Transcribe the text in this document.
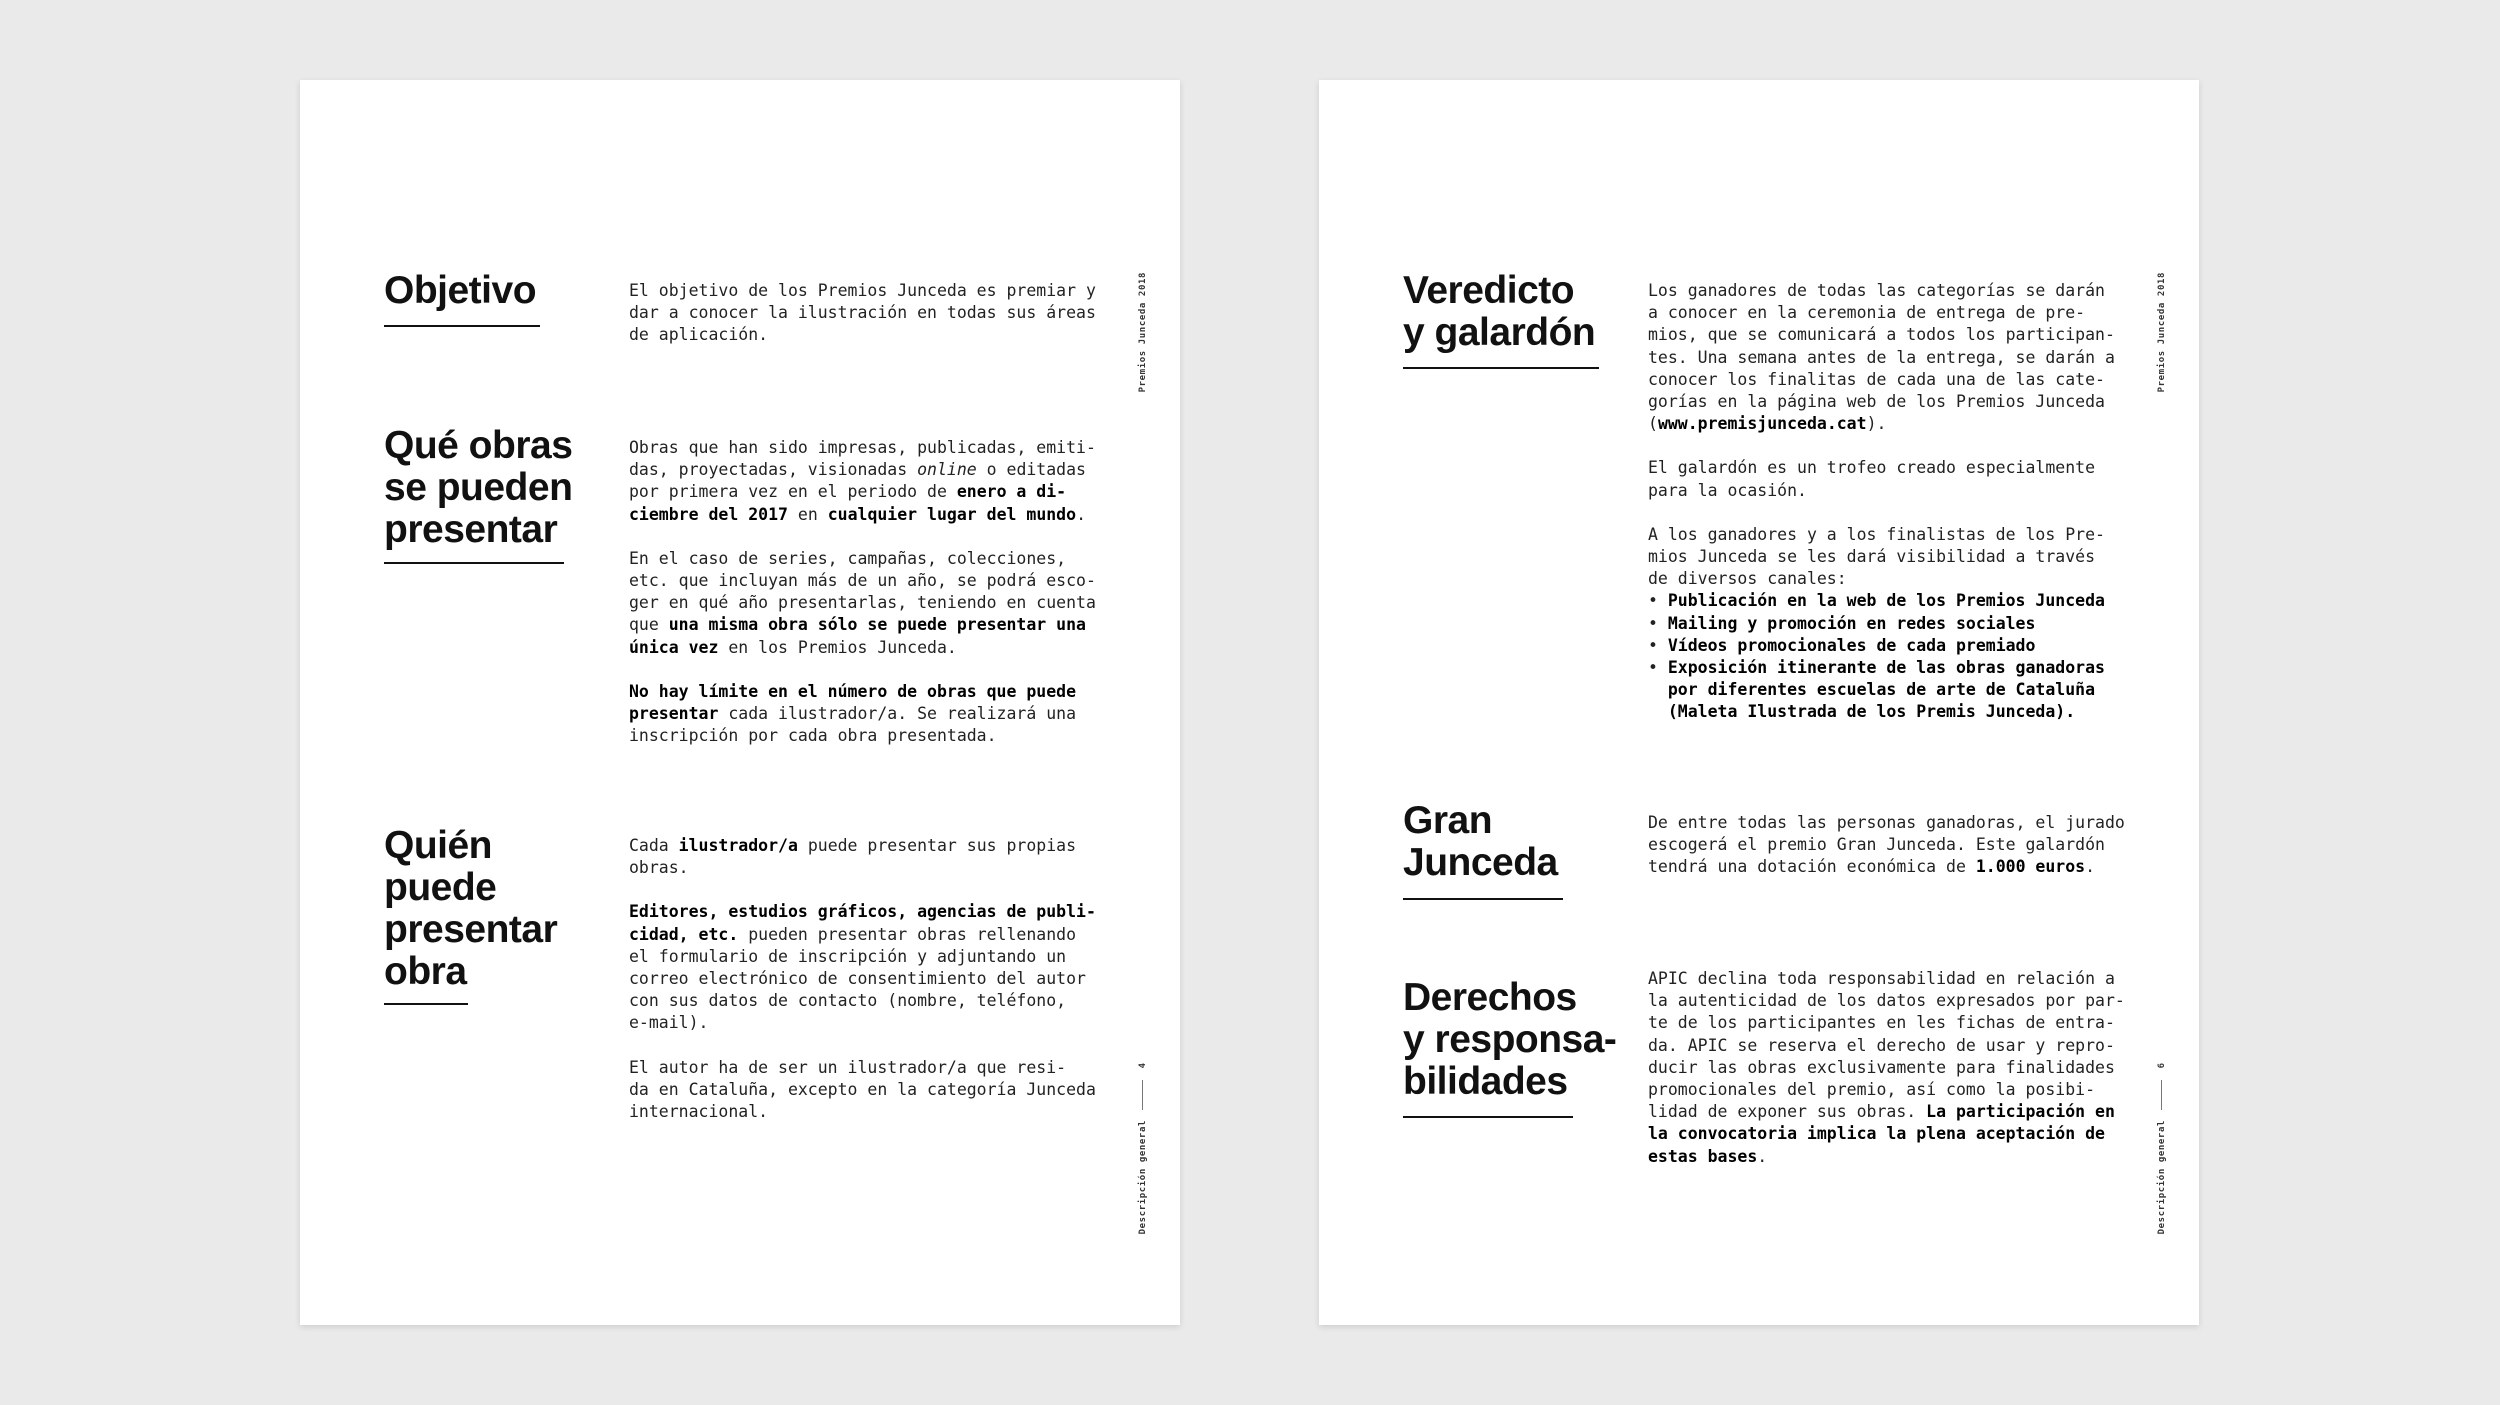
Premios Junceda 2018
Objetivo	El objetivo de los Premios Junceda es premiar y
dar a conocer la ilustración en todas sus áreas
de aplicación.

Qué obras
se pueden
presentar

Obras que han sido impresas, publicadas, emiti-
das, proyectadas, visionadas online o editadas
por primera vez en el periodo de enero a di-
ciembre del 2017 en cualquier lugar del mundo.

En el caso de series, campañas, colecciones,
etc. que incluyan más de un año, se podrá esco-
ger en qué año presentarlas, teniendo en cuenta
que una misma obra sólo se puede presentar una
única vez en los Premios Junceda.

No hay límite en el número de obras que puede
presentar cada ilustrador/a. Se realizará una
inscripción por cada obra presentada.

Quién
puede
presentar
obra

Cada ilustrador/a puede presentar sus propias
obras.

Editores, estudios gráficos, agencias de publi-
cidad, etc. pueden presentar obras rellenando
el formulario de inscripción y adjuntando un
correo electrónico de consentimiento del autor
con sus datos de contacto (nombre, teléfono,
e-mail).

El autor ha de ser un ilustrador/a que resi-
da en Cataluña, excepto en la categoría Junceda
internacional.

4
Descripción general
Premios Junceda 2018
Veredicto
y galardón

Los ganadores de todas las categorías se darán
a conocer en la ceremonia de entrega de pre-
mios, que se comunicará a todos los participan-
tes. Una semana antes de la entrega, se darán a
conocer los finalitas de cada una de las cate-
gorías en la página web de los Premios Junceda
(www.premisjunceda.cat).

El galardón es un trofeo creado especialmente
para la ocasión.

A los ganadores y a los finalistas de los Pre-
mios Junceda se les dará visibilidad a través
de diversos canales:

• Publicación en la web de los Premios Junceda
• Mailing y promoción en redes sociales
• Vídeos promocionales de cada premiado
• Exposición itinerante de las obras ganadoras
por diferentes escuelas de arte de Cataluña
(Maleta Ilustrada de los Premis Junceda).
Gran
Junceda

De entre todas las personas ganadoras, el jurado
escogerá el premio Gran Junceda. Este galardón
tendrá una dotación económica de 1.000 euros.

Derechos
y responsa-
bilidades

APIC declina toda responsabilidad en relación a
la autenticidad de los datos expresados por par-
te de los participantes en les fichas de entra-
da. APIC se reserva el derecho de usar y repro-
ducir las obras exclusivamente para finalidades
promocionales del premio, así como la posibi-
lidad de exponer sus obras. La participación en
la convocatoria implica la plena aceptación de
estas bases.

6
Descripción general
